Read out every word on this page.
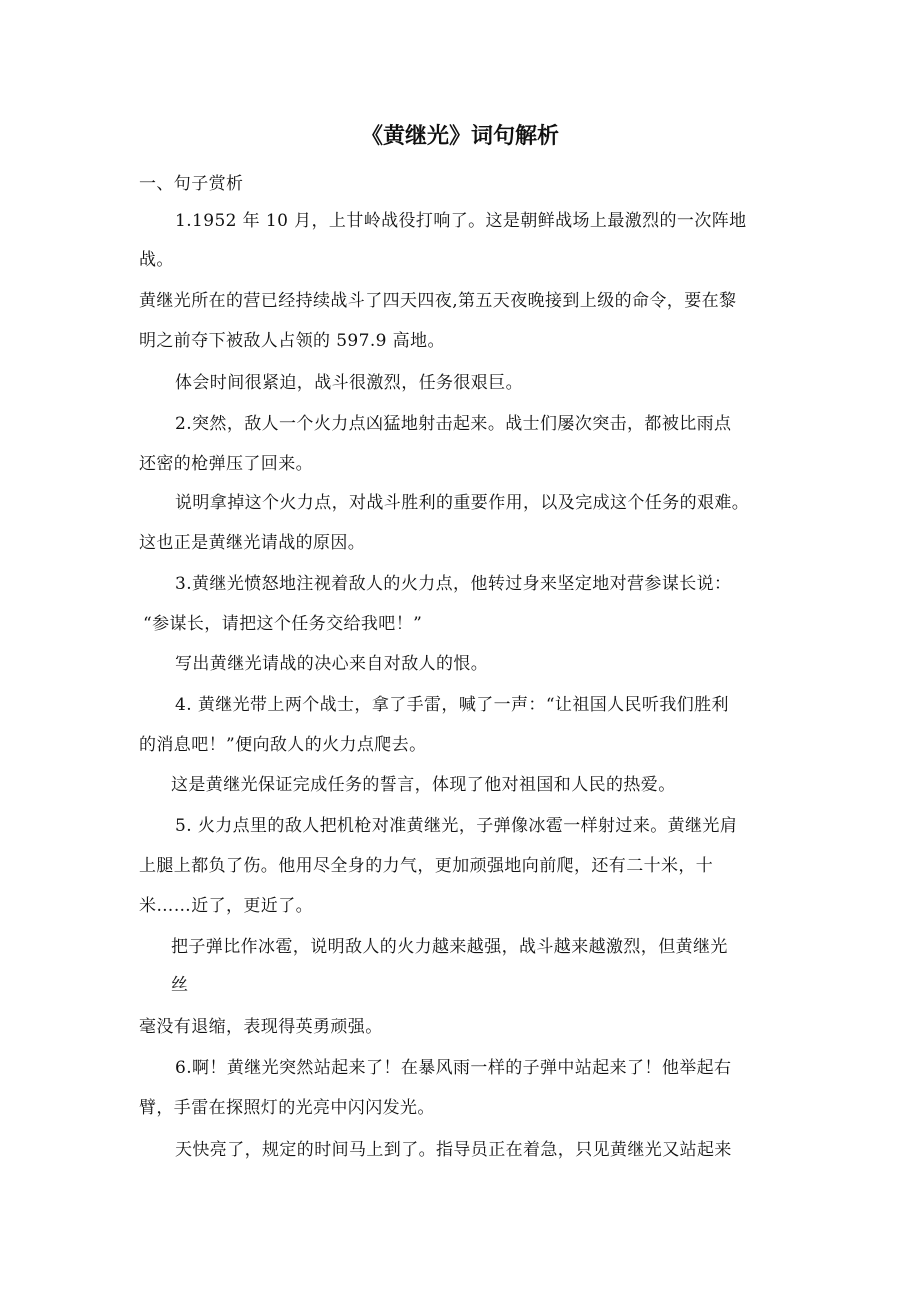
《黄继光》词句解析
一、句子赏析
1.1952 年 10 月，上甘岭战役打响了。这是朝鲜战场上最激烈的一次阵地
战。
黄继光所在的营已经持续战斗了四天四夜,第五天夜晚接到上级的命令，要在黎
明之前夺下被敌人占领的 597.9 高地。
体会时间很紧迫，战斗很激烈，任务很艰巨。
2.突然，敌人一个火力点凶猛地射击起来。战士们屡次突击，都被比雨点
还密的枪弹压了回来。
说明拿掉这个火力点，对战斗胜利的重要作用，以及完成这个任务的艰难。
这也正是黄继光请战的原因。
3.黄继光愤怒地注视着敌人的火力点，他转过身来坚定地对营参谋长说：
“参谋长，请把这个任务交给我吧！”
写出黄继光请战的决心来自对敌人的恨。
4. 黄继光带上两个战士，拿了手雷，喊了一声：“让祖国人民听我们胜利
的消息吧！”便向敌人的火力点爬去。
这是黄继光保证完成任务的誓言，体现了他对祖国和人民的热爱。
5. 火力点里的敌人把机枪对准黄继光，子弹像冰雹一样射过来。黄继光肩
上腿上都负了伤。他用尽全身的力气，更加顽强地向前爬，还有二十米，十
米……近了，更近了。
把子弹比作冰雹，说明敌人的火力越来越强，战斗越来越激烈，但黄继光
丝
毫没有退缩，表现得英勇顽强。
6.啊！黄继光突然站起来了！在暴风雨一样的子弹中站起来了！他举起右
臂，手雷在探照灯的光亮中闪闪发光。
天快亮了，规定的时间马上到了。指导员正在着急，只见黄继光又站起来
